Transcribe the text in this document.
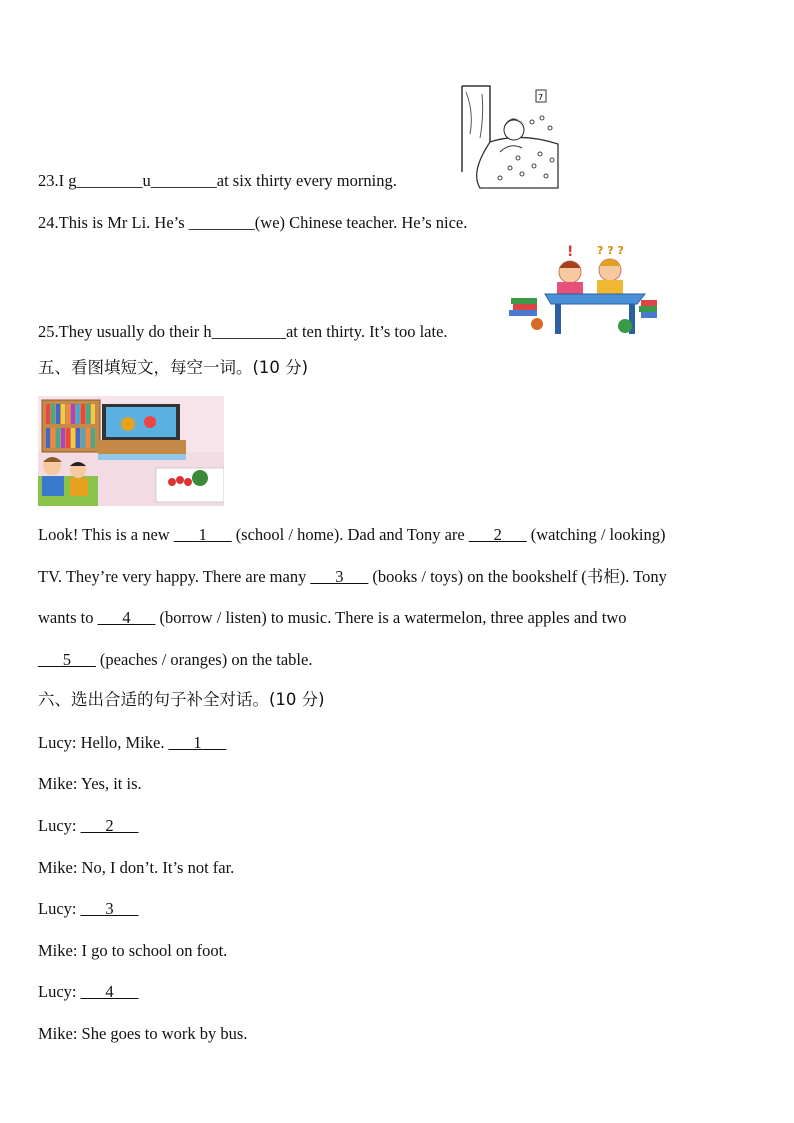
7
23.I g________u________at six thirty every morning.
24.This is Mr Li. He’s ________(we) Chinese teacher. He’s nice.
! ? ? ?
25.They usually do their h_________at ten thirty. It’s too late.
五、看图填短文，每空一词。(10 分)
Look! This is a new ___1___ (school / home). Dad and Tony are ___2___ (watching / looking)
TV. They’re very happy. There are many ___3___ (books / toys) on the bookshelf (书柜). Tony
wants to ___4___ (borrow / listen) to music. There is a watermelon, three apples and two
___5___ (peaches / oranges) on the table.
六、选出合适的句子补全对话。(10 分)
Lucy: Hello, Mike. ___1___
Mike: Yes, it is.
Lucy: ___2___
Mike: No, I don’t. It’s not far.
Lucy: ___3___
Mike: I go to school on foot.
Lucy: ___4___
Mike: She goes to work by bus.
